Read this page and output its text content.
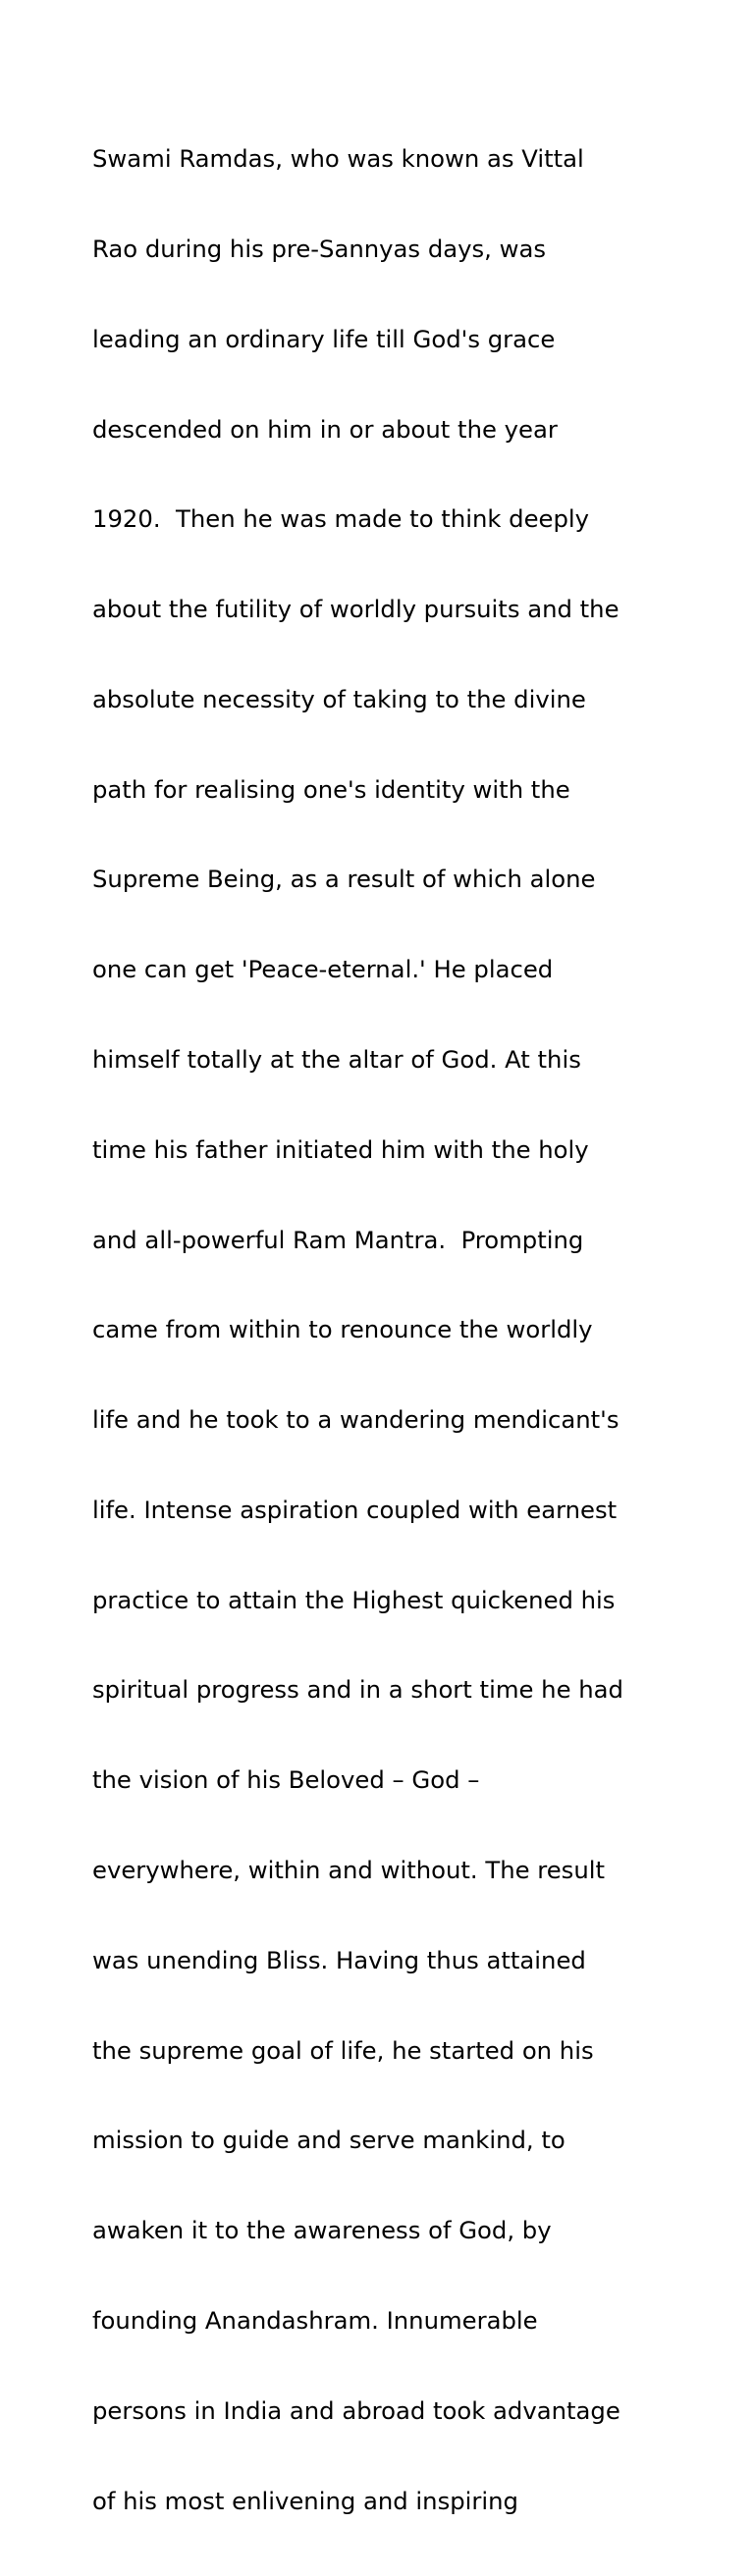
Swami Ramdas, who was known as Vittal

Rao during his pre-Sannyas days, was

leading an ordinary life till God's grace

descended on him in or about the year

1920.  Then he was made to think deeply

about the futility of worldly pursuits and the

absolute necessity of taking to the divine

path for realising one's identity with the

Supreme Being, as a result of which alone

one can get 'Peace-eternal.' He placed

himself totally at the altar of God. At this

time his father initiated him with the holy

and all-powerful Ram Mantra.  Prompting

came from within to renounce the worldly

life and he took to a wandering mendicant's

life. Intense aspiration coupled with earnest

practice to attain the Highest quickened his

spiritual progress and in a short time he had

the vision of his Beloved – God –

everywhere, within and without. The result

was unending Bliss. Having thus attained

the supreme goal of life, he started on his

mission to guide and serve mankind, to

awaken it to the awareness of God, by

founding Anandashram. Innumerable

persons in India and abroad took advantage

of his most enlivening and inspiring
